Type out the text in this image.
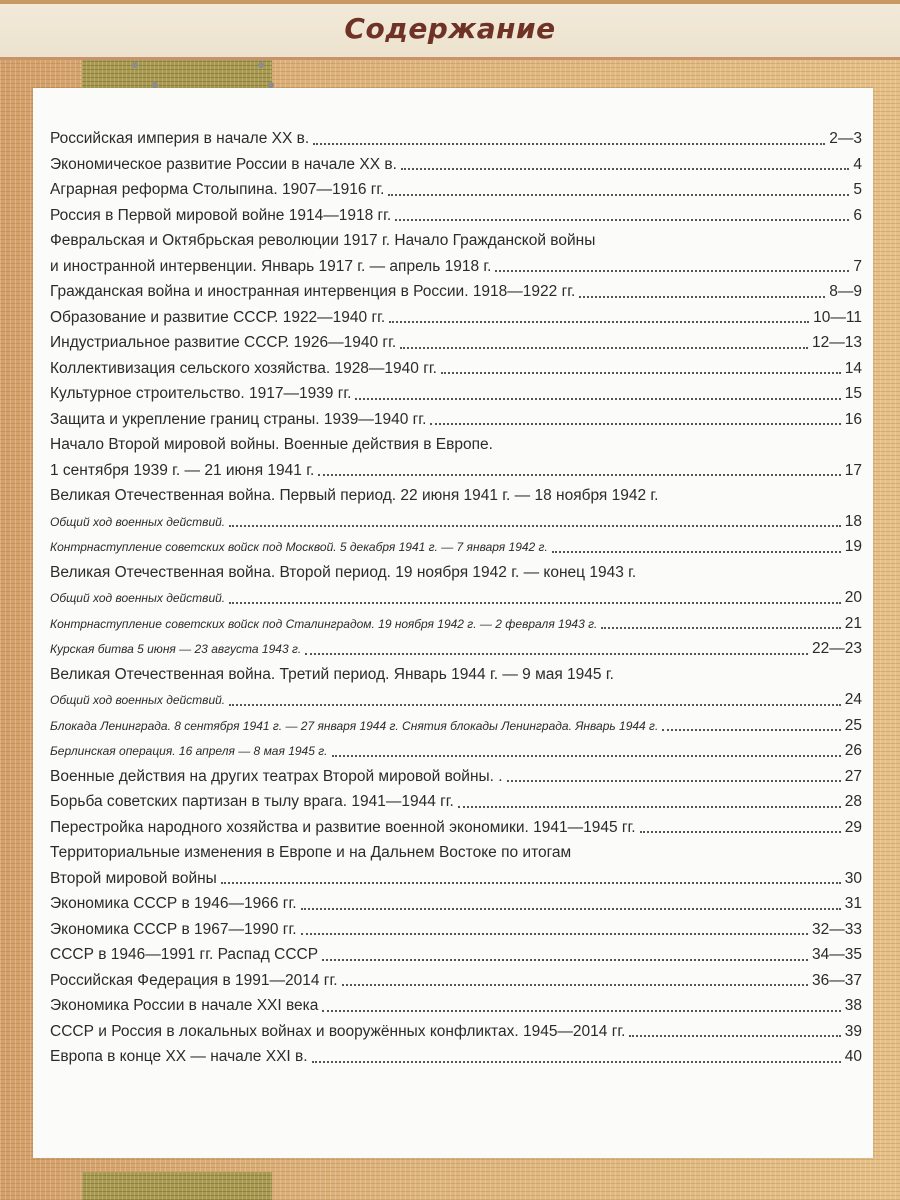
Содержание
Российская империя в начале XX в.	2—3
Экономическое развитие России в начале XX в.	4
Аграрная реформа Столыпина. 1907—1916 гг.	5
Россия в Первой мировой войне 1914—1918 гг.	6
Февральская и Октябрьская революции 1917 г. Начало Гражданской войны
и иностранной интервенции. Январь 1917 г. — апрель 1918 г.	7
Гражданская война и иностранная интервенция в России. 1918—1922 гг.	8—9
Образование и развитие СССР. 1922—1940 гг.	10—11
Индустриальное развитие СССР. 1926—1940 гг.	12—13
Коллективизация сельского хозяйства. 1928—1940 гг.	14
Культурное строительство. 1917—1939 гг.	15
Защита и укрепление границ страны. 1939—1940 гг.	16
Начало Второй мировой войны. Военные действия в Европе.
1 сентября 1939 г. — 21 июня 1941 г.	17
Великая Отечественная война. Первый период. 22 июня 1941 г. — 18 ноября 1942 г.
Общий ход военных действий.	18
Контрнаступление советских войск под Москвой. 5 декабря 1941 г. — 7 января 1942 г.	19
Великая Отечественная война. Второй период. 19 ноября 1942 г. — конец 1943 г.
Общий ход военных действий.	20
Контрнаступление советских войск под Сталинградом. 19 ноября 1942 г. — 2 февраля 1943 г.	21
Курская битва 5 июня — 23 августа 1943 г.	22—23
Великая Отечественная война. Третий период. Январь 1944 г. — 9 мая 1945 г.
Общий ход военных действий.	24
Блокада Ленинграда. 8 сентября 1941 г. — 27 января 1944 г. Снятия блокады Ленинграда. Январь 1944 г.	25
Берлинская операция. 16 апреля — 8 мая 1945 г.	26
Военные действия на других театрах Второй мировой войны. .	27
Борьба советских партизан в тылу врага. 1941—1944 гг.	28
Перестройка народного хозяйства и развитие военной экономики. 1941—1945 гг.	29
Территориальные изменения в Европе и на Дальнем Востоке по итогам
Второй мировой войны	30
Экономика СССР в 1946—1966 гг.	31
Экономика СССР в 1967—1990 гг.	32—33
СССР в 1946—1991 гг. Распад СССР	34—35
Российская Федерация в 1991—2014 гг.	36—37
Экономика России в начале XXI века	38
СССР и Россия в локальных войнах и вооружённых конфликтах. 1945—2014 гг.	39
Европа в конце XX — начале XXI в.	40
